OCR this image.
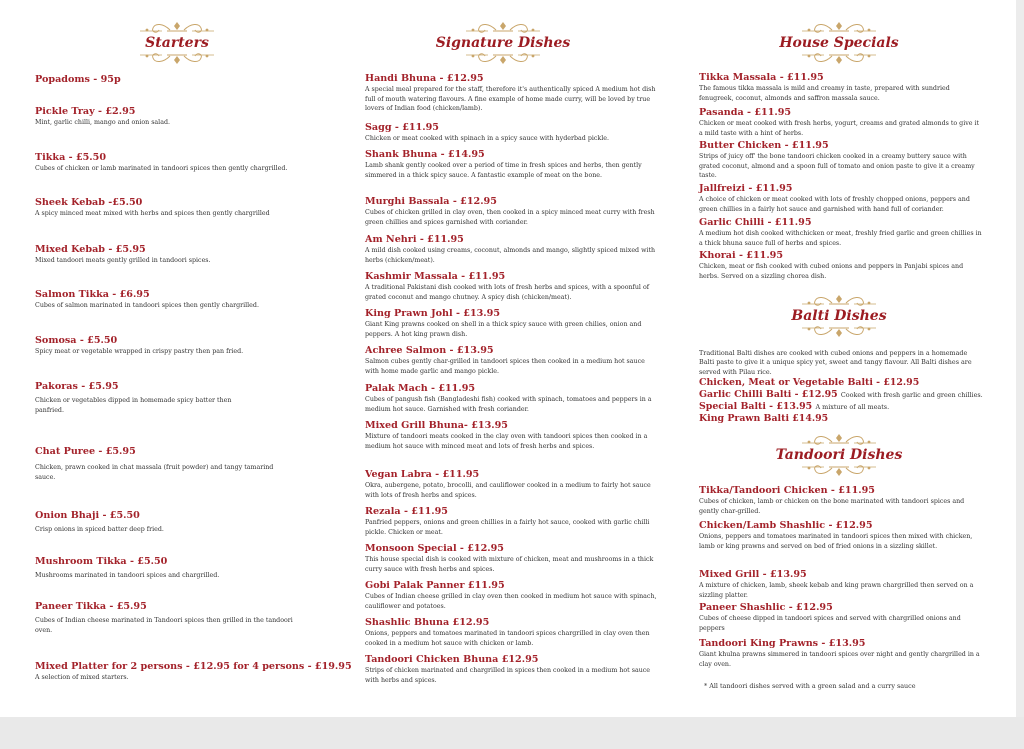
Starters
Popadoms - 95p
Pickle Tray - £2.95
Mint, garlic chilli, mango and onion salad.
Tikka - £5.50
Cubes of chicken or lamb marinated in tandoori spices then gently chargrilled.
Sheek Kebab -£5.50
A spicy minced meat mixed with herbs and spices then gently chargrilled
Mixed Kebab - £5.95
Mixed tandoori meats gently grilled in tandoori spices.
Salmon Tikka - £6.95
Cubes of salmon marinated in tandoori spices then gently chargrilled.
Somosa - £5.50
Spicy meat or vegetable wrapped in crispy pastry then pan fried.
Pakoras - £5.95
Chicken or vegetables dipped in homemade spicy batter then panfried.
Chat Puree - £5.95
Chicken, prawn cooked in chat massala (fruit powder) and tangy tamarind sauce.
Onion Bhaji - £5.50
Crisp onions in spiced batter deep fried.
Mushroom Tikka - £5.50
Mushrooms marinated in tandoori spices and chargrilled.
Paneer Tikka - £5.95
Cubes of Indian cheese marinated in Tandoori spices then grilled in the tandoori oven.
Mixed Platter for 2 persons - £12.95 for 4 persons - £19.95
A selection of mixed starters.
Signature Dishes
Handi Bhuna - £12.95
A special meal prepared for the staff, therefore it's authentically spiced A medium hot dish full of mouth watering flavours. A fine example of home made curry, will be loved by true lovers of Indian food (chicken/lamb).
Sagg - £11.95
Chicken or meat cooked with spinach in a spicy sauce with hyderbad pickle.
Shank Bhuna - £14.95
Lamb shank gently cooked over a period of time in fresh spices and herbs, then gently simmered in a thick spicy sauce. A fantastic example of meat on the bone.
Murghi Bassala - £12.95
Cubes of chicken grilled in clay oven, then cooked in a spicy minced meat curry with fresh green chillies and spices garnished with coriander.
Am Nehri - £11.95
A mild dish cooked using creams, coconut, almonds and mango, slightly spiced mixed with herbs (chicken/meat).
Kashmir Massala - £11.95
A traditional Pakistani dish cooked with lots of fresh herbs and spices, with a spoonful of grated coconut and mango chutney. A spicy dish (chicken/meat).
King Prawn Johl - £13.95
Giant King prawns cooked on shell in a thick spicy sauce with green chilies, onion and peppers. A hot king prawn dish.
Achree Salmon - £13.95
Salmon cubes gently char-grilled in tandoori spices then cooked in a medium hot sauce with home made garlic and mango pickle.
Palak Mach - £11.95
Cubes of pangush fish (Bangladeshi fish) cooked with spinach, tomatoes and peppers in a medium hot sauce. Garnished with fresh coriander.
Mixed Grill Bhuna- £13.95
Mixture of tandoori meats cooked in the clay oven with tandoori spices then cooked in a medium hot sauce with minced meat and lots of fresh herbs and spices.
Vegan Labra - £11.95
Okra, aubergene, potato, brocolli, and cauliflower cooked in a medium to fairly hot sauce with lots of fresh herbs and spices.
Rezala - £11.95
Panfried peppers, onions and green chillies in a fairly hot sauce, cooked with garlic chilli pickle. Chicken or meat.
Monsoon Special - £12.95
This house special dish is cooked with mixture of chicken, meat and mushrooms in a thick curry sauce with fresh herbs and spices.
Gobi Palak Panner £11.95
Cubes of Indian cheese grilled in clay oven then cooked in medium hot sauce with spinach, cauliflower and potatoes.
Shashlic Bhuna £12.95
Onions, peppers and tomatoes marinated in tandoori spices chargrilled in clay oven then cooked in a medium hot sauce with chicken or lamb.
Tandoori Chicken Bhuna £12.95
Strips of chicken marinated and chargrilled in spices then cooked in a medium hot sauce with herbs and spices.
House Specials
Tikka Massala - £11.95
The famous tikka massala is mild and creamy in taste, prepared with sundried fenugreek, coconut, almonds and saffron massala sauce.
Pasanda - £11.95
Chicken or meat cooked with fresh herbs, yogurt, creams and grated almonds to give it a mild taste with a hint of herbs.
Butter Chicken - £11.95
Strips of juicy off' the bone tandoori chicken cooked in a creamy buttery sauce with grated coconut, almond and a spoon full of tomato and onion paste to give it a creamy taste.
Jallfreizi - £11.95
A choice of chicken or meat cooked with lots of freshly chopped onions, peppers and green chillies in a fairly hot sauce and garnished with hand full of coriander.
Garlic Chilli - £11.95
A medium hot dish cooked withchicken or meat, freshly fried garlic and green chillies in a thick bhuna sauce full of herbs and spices.
Khorai - £11.95
Chicken, meat or fish cooked with cubed onions and peppers in Panjabi spices and herbs. Served on a sizzling chorea dish.
Balti Dishes
Traditional Balti dishes are cooked with cubed onions and peppers in a homemade Balti paste to give it a unique spicy yet, sweet and tangy flavour. All Balti dishes are served with Pilau rice.
Chicken, Meat or Vegetable Balti - £12.95
Garlic Chilli Balti - £12.95 Cooked with fresh garlic and green chillies.
Special Balti - £13.95 A mixture of all meats.
King Prawn Balti £14.95
Tandoori Dishes
Tikka/Tandoori Chicken - £11.95
Cubes of chicken, lamb or chicken on the bone marinated with tandoori spices and gently char-grilled.
Chicken/Lamb Shashlic - £12.95
Onions, peppers and tomatoes marinated in tandoori spices then mixed with chicken, lamb or king prawns and served on bed of fried onions in a sizzling skillet.
Mixed Grill - £13.95
A mixture of chicken, lamb, sheek kebab and king prawn chargrilled then served on a sizzling platter.
Paneer Shashlic - £12.95
Cubes of cheese dipped in tandoori spices and served with chargrilled onions and peppers
Tandoori King Prawns - £13.95
Giant khulna prawns simmered in tandoori spices over night and gently chargrilled in a clay oven.
* All tandoori dishes served with a green salad and a curry sauce
